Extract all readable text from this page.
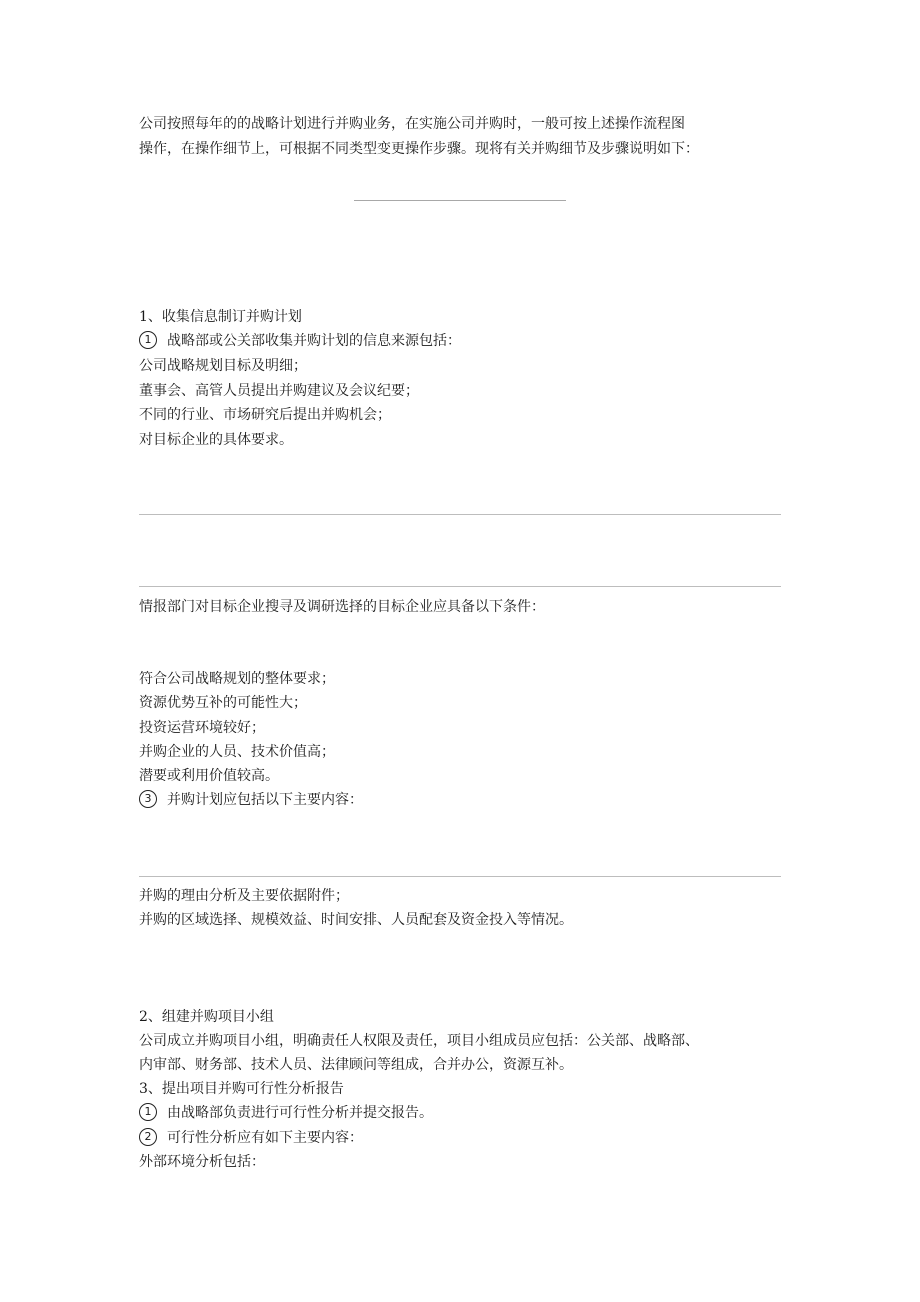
公司按照每年的的战略计划进行并购业务，在实施公司并购时，一般可按上述操作流程图
操作，在操作细节上，可根据不同类型变更操作步骤。现将有关并购细节及步骤说明如下：
1、收集信息制订并购计划
1 战略部或公关部收集并购计划的信息来源包括：
公司战略规划目标及明细；
董事会、高管人员提出并购建议及会议纪要；
不同的行业、市场研究后提出并购机会；
对目标企业的具体要求。
情报部门对目标企业搜寻及调研选择的目标企业应具备以下条件：
符合公司战略规划的整体要求；
资源优势互补的可能性大；
投资运营环境较好；
并购企业的人员、技术价值高；
潜要或利用价值较高。
3 并购计划应包括以下主要内容：
并购的理由分析及主要依据附件；
并购的区域选择、规模效益、时间安排、人员配套及资金投入等情况。
2、组建并购项目小组
公司成立并购项目小组，明确责任人权限及责任，项目小组成员应包括：公关部、战略部、
内审部、财务部、技术人员、法律顾问等组成，合并办公，资源互补。
3、提出项目并购可行性分析报告
1 由战略部负责进行可行性分析并提交报告。
2 可行性分析应有如下主要内容：
外部环境分析包括：
